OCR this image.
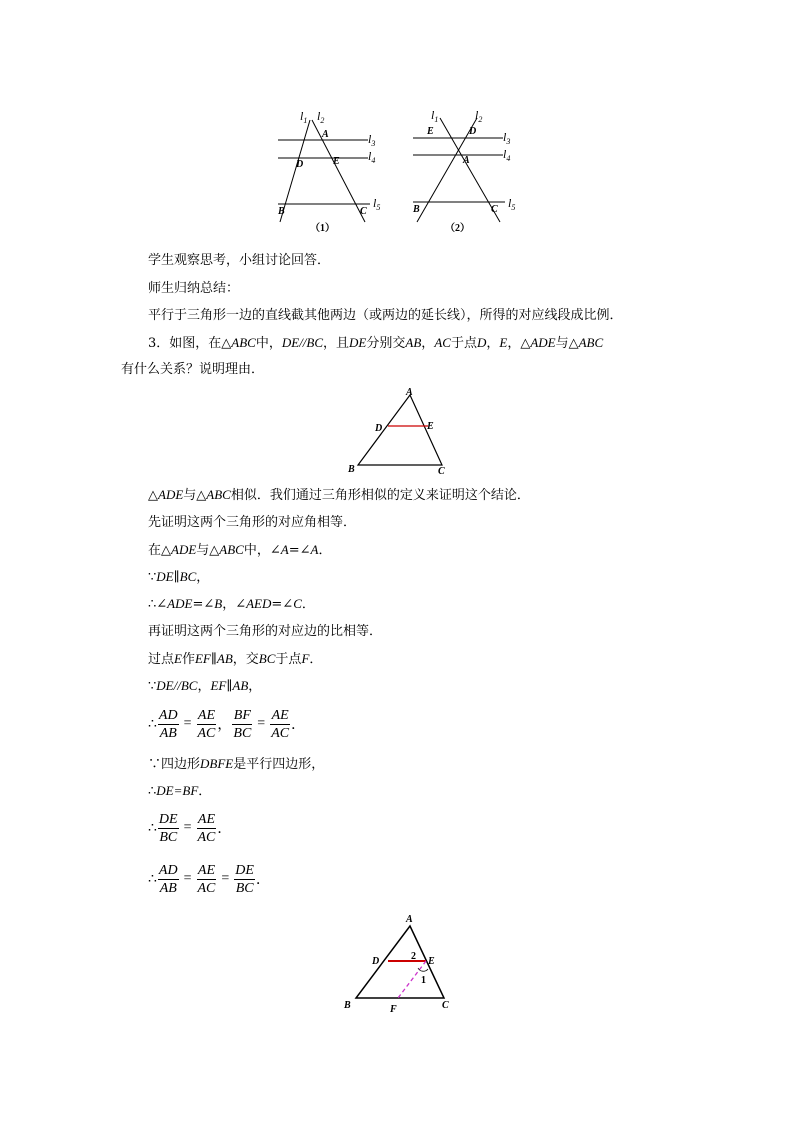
$l_1$ $l_2$
$l_3$
$l_4$
$l_5$
A
D	E
B	C
（1）
$l_1$	$l_2$
$l_3$
$l_4$
$l_5$
E	D
A
B	C
（2）
学生观察思考，小组讨论回答．
师生归纳总结：
平行于三角形一边的直线截其他两边（或两边的延长线），所得的对应线段成比例．
3．如图，在△ABC中，DE//BC，且DE分别交AB，AC于点D，E，△ADE与△ABC
有什么关系？说明理由．
A
D	E
B	C
△ADE与△ABC相似．我们通过三角形相似的定义来证明这个结论．
先证明这两个三角形的对应角相等．
在△ADE与△ABC中，∠A=∠A．
∵DE∥BC，
∴∠ADE=∠B，∠AED=∠C．
再证明这两个三角形的对应边的比相等．
过点E作EF∥AB，交BC于点F．
∵DE//BC，EF∥AB，
∴ $\frac{AD}{AB} = \frac{AE}{AC}$ ， $\frac{BF}{BC} = \frac{AE}{AC}$ ．
∵四边形DBFE是平行四边形，
∴DE=BF．
∴ $\frac{DE}{BC} = \frac{AE}{AC}$ ．
∴ $\frac{AD}{AB} = \frac{AE}{AC} = \frac{DE}{BC}$ ．
A
D	E
B	C
F
2
1
